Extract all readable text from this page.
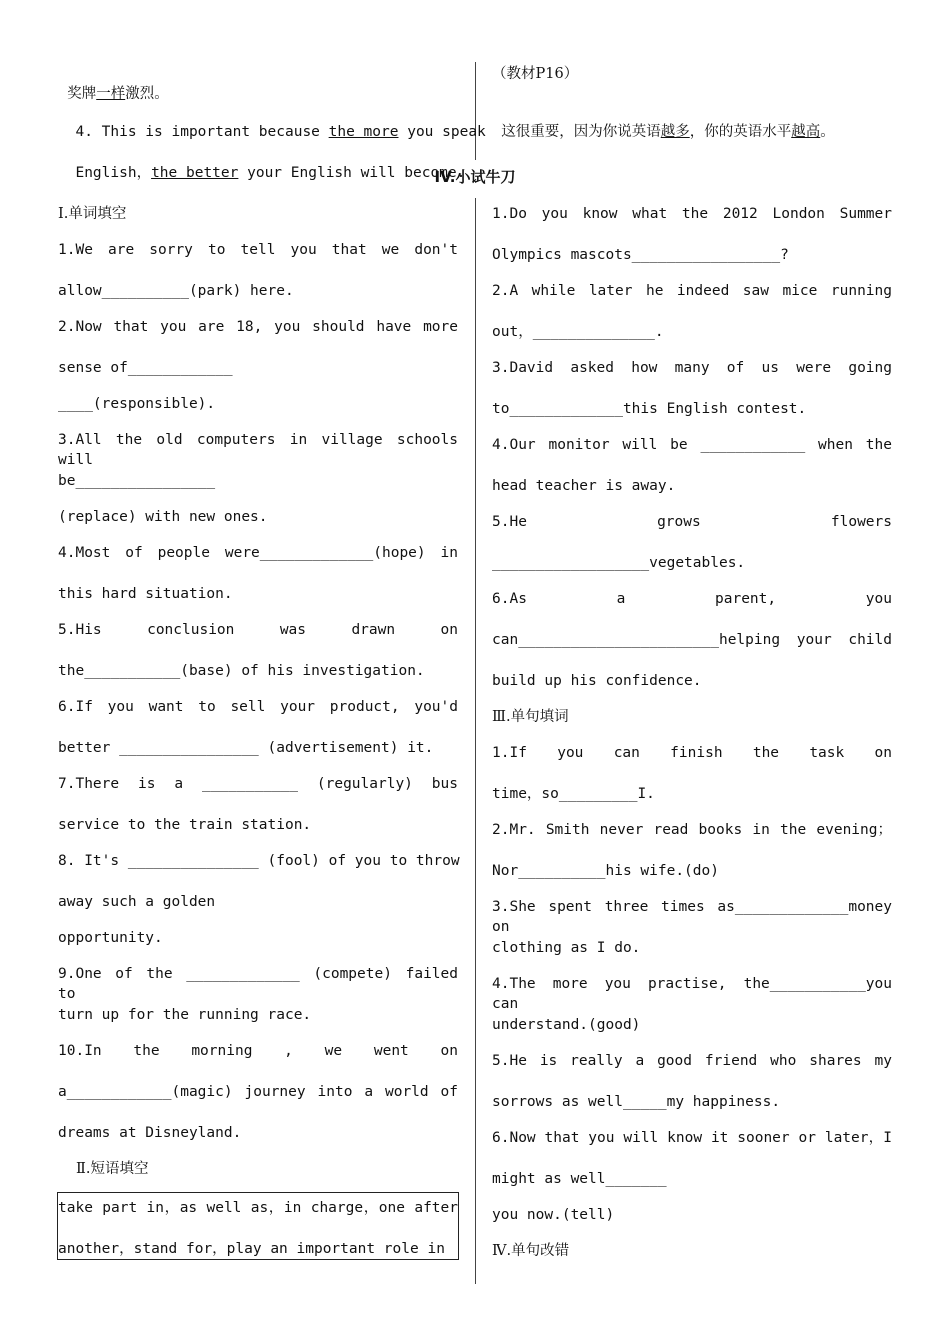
奖牌一样激烈。

4. This is important because the more you speak

English，the better your English will become.

（教材P16）

这很重要，因为你说英语越多，你的英语水平越高。

IV.小试牛刀
Ⅰ.单词填空
1.We are sorry to tell you that we don't
allow__________(park) here.
2.Now that you are 18, you should have more
sense of____________
____(responsible).
3.All the old computers in village schools will
be________________
(replace) with new ones.
4.Most of people were_____________(hope) in
this hard situation.
5.His conclusion was drawn on
the___________(base) of his investigation.
6.If you want to sell your product, you'd
better ________________ (advertisement) it.
7.There is a ___________ (regularly) bus
service to the train station.
8. It's _______________ (fool) of you to throw
away such a golden
opportunity.
9.One of the _____________ (compete) failed to
turn up for the running race.
10.In the morning , we went on
a____________(magic) journey into a world of
dreams at Disneyland.
Ⅱ.短语填空
take part in，as well as，in charge，one after
another，stand for，play an important role in
1.Do you know what the 2012 London Summer
Olympics mascots_________________?
2.A while later he indeed saw mice running
out，______________.
3.David asked how many of us were going
to_____________this English contest.
4.Our monitor will be ____________ when the
head teacher is away.
5.He grows flowers
__________________vegetables.
6.As a parent, you
can_______________________helping your child
build up his confidence.
Ⅲ.单句填词
1.If you can finish the task on
time，so_________I.
2.Mr. Smith never read books in the evening；
Nor__________his wife.(do)
3.She spent three times as_____________money on
clothing as I do.
4.The more you practise, the___________you can
understand.(good)
5.He is really a good friend who shares my
sorrows as well_____my happiness.
6.Now that you will know it sooner or later，I
might as well_______
you now.(tell)
Ⅳ.单句改错
